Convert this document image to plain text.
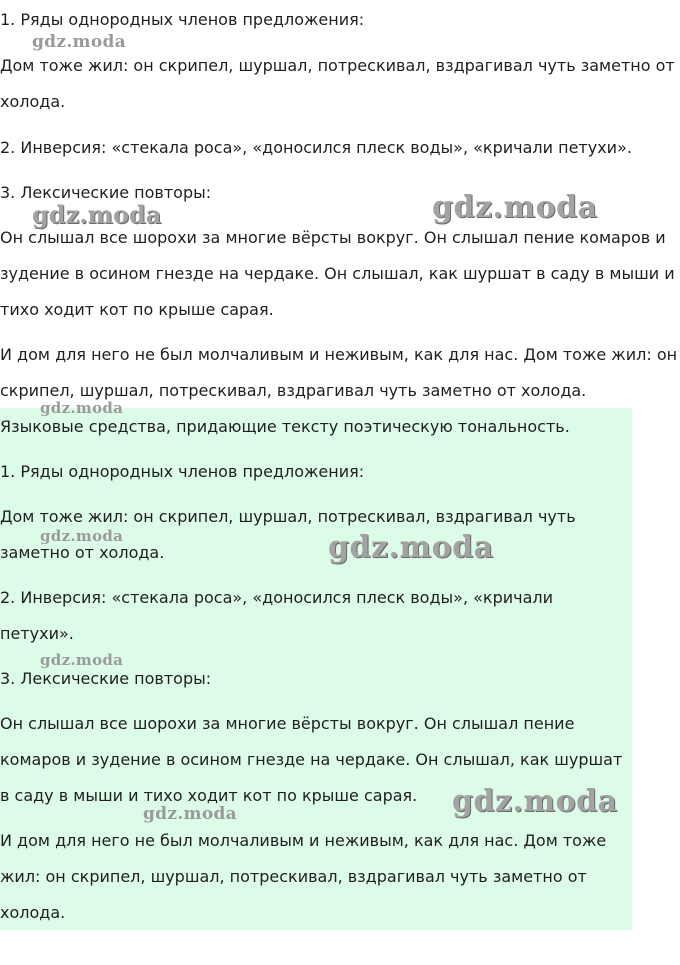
1. Ряды однородных членов предложения:

Дом тоже жил: он скрипел, шуршал, потрескивал, вздрагивал чуть заметно от

холода.

2. Инверсия: «стекала роса», «доносился плеск воды», «кричали петухи».

3. Лексические повторы:

Он слышал все шорохи за многие вёрсты вокруг. Он слышал пение комаров и

зудение в осином гнезде на чердаке. Он слышал, как шуршат в саду в мыши и

тихо ходит кот по крыше сарая.

И дом для него не был молчаливым и неживым, как для нас. Дом тоже жил: он

скрипел, шуршал, потрескивал, вздрагивал чуть заметно от холода.

Языковые средства, придающие тексту поэтическую тональность.

1. Ряды однородных членов предложения:

Дом тоже жил: он скрипел, шуршал, потрескивал, вздрагивал чуть

заметно от холода.

2. Инверсия: «стекала роса», «доносился плеск воды», «кричали

петухи».

3. Лексические повторы:

Он слышал все шорохи за многие вёрсты вокруг. Он слышал пение

комаров и зудение в осином гнезде на чердаке. Он слышал, как шуршат

в саду в мыши и тихо ходит кот по крыше сарая.

И дом для него не был молчаливым и неживым, как для нас. Дом тоже

жил: он скрипел, шуршал, потрескивал, вздрагивал чуть заметно от

холода.

gdz.moda
gdz.moda	gdz.moda
gdz.moda
gdz.moda	gdz.moda
gdz.moda
gdz.moda	gdz.moda
